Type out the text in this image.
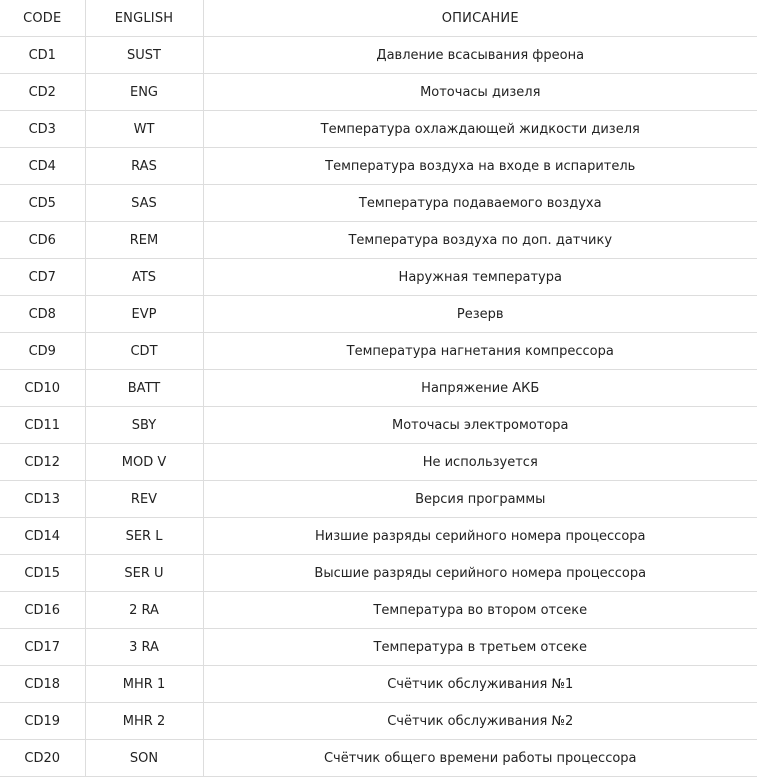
CODE	ENGLISH	ОПИСАНИЕ
CD1	SUST	Давление всасывания фреона
CD2	ENG	Моточасы дизеля
CD3	WT	Температура охлаждающей жидкости дизеля
CD4	RAS	Температура воздуха на входе в испаритель
CD5	SAS	Температура подаваемого воздуха
CD6	REM	Температура воздуха по доп. датчику
CD7	ATS	Наружная температура
CD8	EVP	Резерв
CD9	CDT	Температура нагнетания компрессора
CD10	BATT	Напряжение АКБ
CD11	SBY	Моточасы электромотора
CD12	MOD V	Не используется
CD13	REV	Версия программы
CD14	SER L	Низшие разряды серийного номера процессора
CD15	SER U	Высшие разряды серийного номера процессора
CD16	2 RA	Температура во втором отсеке
CD17	3 RA	Температура в третьем отсеке
CD18	MHR 1	Счётчик обслуживания №1
CD19	MHR 2	Счётчик обслуживания №2
CD20	SON	Счётчик общего времени работы процессора
